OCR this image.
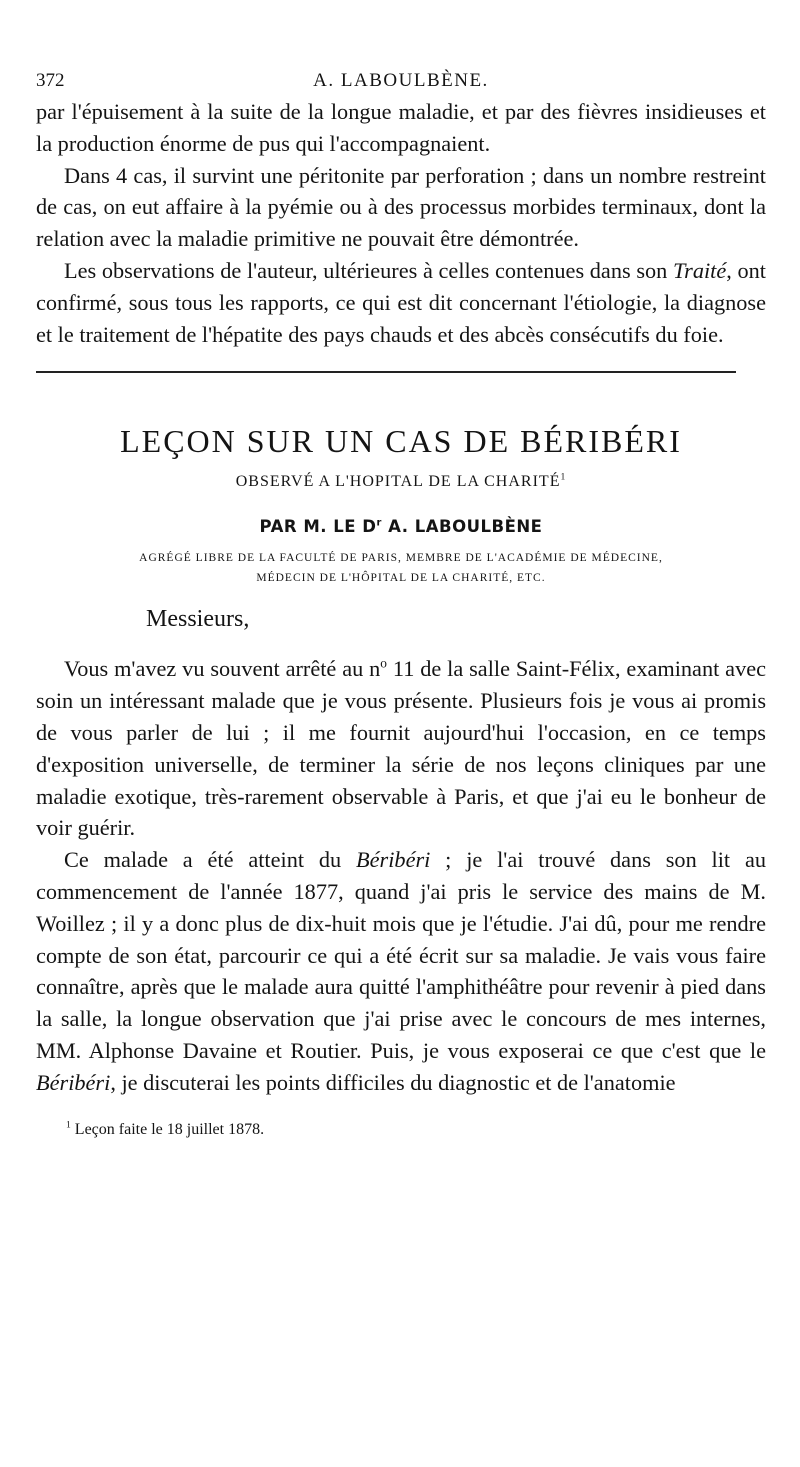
372	A. LABOULBÈNE.

par l'épuisement à la suite de la longue maladie, et par des fièvres insidieuses et la production énorme de pus qui l'accompagnaient.

Dans 4 cas, il survint une péritonite par perforation ; dans un nombre restreint de cas, on eut affaire à la pyémie ou à des processus morbides terminaux, dont la relation avec la maladie primitive ne pouvait être démontrée.

Les observations de l'auteur, ultérieures à celles contenues dans son Traité, ont confirmé, sous tous les rapports, ce qui est dit concernant l'étiologie, la diagnose et le traitement de l'hépatite des pays chauds et des abcès consécutifs du foie.

LEÇON SUR UN CAS DE BÉRIBÉRI
OBSERVÉ A L'HOPITAL DE LA CHARITÉ$^1$
PAR M. LE $D^r$ A. LABOULBÈNE
AGRÉGÉ LIBRE DE LA FACULTÉ DE PARIS, MEMBRE DE L'ACADÉMIE DE MÉDECINE,
MÉDECIN DE L'HÔPITAL DE LA CHARITÉ, ETC.

Messieurs,

Vous m'avez vu souvent arrêté au $n^o$ 11 de la salle Saint-Félix, examinant avec soin un intéressant malade que je vous présente. Plusieurs fois je vous ai promis de vous parler de lui ; il me fournit aujourd'hui l'occasion, en ce temps d'exposition universelle, de terminer la série de nos leçons cliniques par une maladie exotique, très-rarement observable à Paris, et que j'ai eu le bonheur de voir guérir.

Ce malade a été atteint du Béribéri ; je l'ai trouvé dans son lit au commencement de l'année 1877, quand j'ai pris le service des mains de M. Woillez ; il y a donc plus de dix-huit mois que je l'étudie. J'ai dû, pour me rendre compte de son état, parcourir ce qui a été écrit sur sa maladie. Je vais vous faire connaître, après que le malade aura quitté l'amphithéâtre pour revenir à pied dans la salle, la longue observation que j'ai prise avec le concours de mes internes, MM. Alphonse Davaine et Routier. Puis, je vous exposerai ce que c'est que le Béribéri, je discuterai les points difficiles du diagnostic et de l'anatomie

$^1$ Leçon faite le 18 juillet 1878.
